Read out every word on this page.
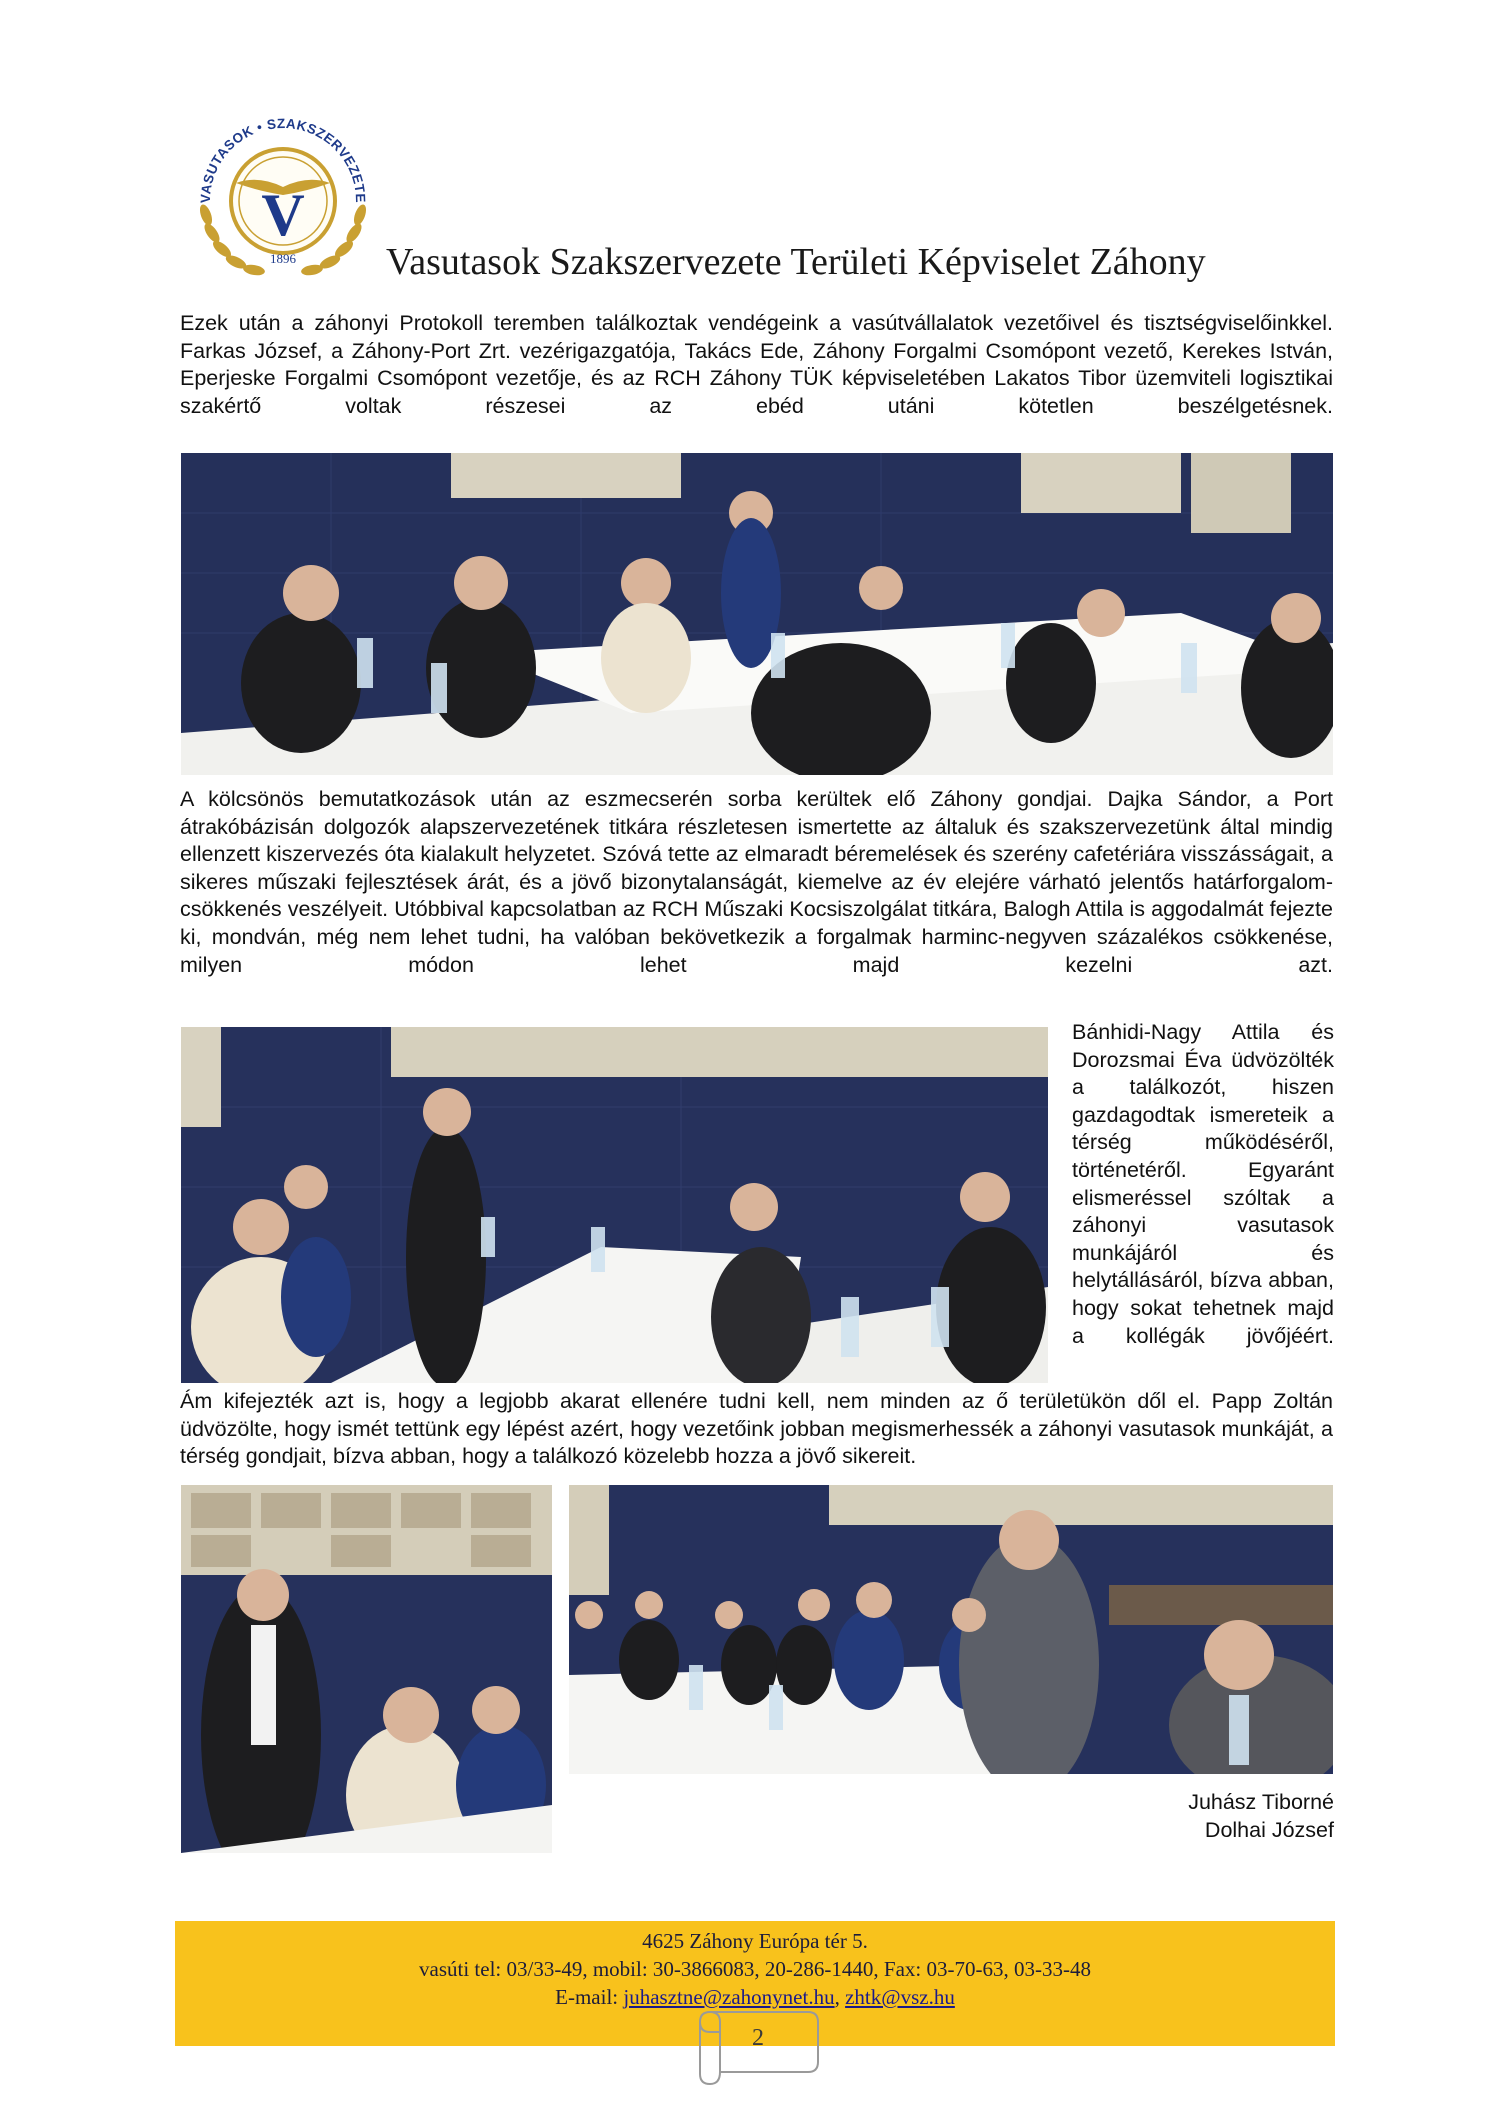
V
1896
VASUTASOK • SZAKSZERVEZETE
Vasutasok Szakszervezete Területi Képviselet Záhony
Ezek után a záhonyi Protokoll teremben találkoztak vendégeink a vasútvállalatok vezetőivel és tisztségviselőinkkel. Farkas József, a Záhony-Port Zrt. vezérigazgatója, Takács Ede, Záhony Forgalmi Csomópont vezető, Kerekes István, Eperjeske Forgalmi Csomópont vezetője, és az RCH Záhony TÜK képviseletében Lakatos Tibor üzemviteli logisztikai szakértő voltak részesei az ebéd utáni kötetlen beszélgetésnek.
A kölcsönös bemutatkozások után az eszmecserén sorba kerültek elő Záhony gondjai. Dajka Sándor, a Port átrakóbázisán dolgozók alapszervezetének titkára részletesen ismertette az általuk és szakszervezetünk által mindig ellenzett kiszervezés óta kialakult helyzetet. Szóvá tette az elmaradt béremelések és szerény cafetériára visszásságait, a sikeres műszaki fejlesztések árát, és a jövő bizonytalanságát, kiemelve az év elejére várható jelentős határforgalom-csökkenés veszélyeit. Utóbbival kapcsolatban az RCH Műszaki Kocsiszolgálat titkára, Balogh Attila is aggodalmát fejezte ki, mondván, még nem lehet tudni, ha valóban bekövetkezik a forgalmak harminc-negyven százalékos csökkenése, milyen módon lehet majd kezelni azt.
Bánhidi-Nagy Attila és Dorozsmai Éva üdvözölték a találkozót, hiszen gazdagodtak ismereteik a térség működéséről, történetéről. Egyaránt elismeréssel szóltak a záhonyi vasutasok munkájáról és helytállásáról, bízva abban, hogy sokat tehetnek majd a kollégák jövőjéért.
Ám kifejezték azt is, hogy a legjobb akarat ellenére tudni kell, nem minden az ő területükön dől el. Papp Zoltán üdvözölte, hogy ismét tettünk egy lépést azért, hogy vezetőink jobban megismerhessék a záhonyi vasutasok munkáját, a térség gondjait, bízva abban, hogy a találkozó közelebb hozza a jövő sikereit.
Juhász Tiborné
Dolhai József
4625 Záhony Európa tér 5.
vasúti tel: 03/33-49, mobil: 30-3866083, 20-286-1440, Fax: 03-70-63, 03-33-48
E-mail: juhasztne@zahonynet.hu, zhtk@vsz.hu
2
